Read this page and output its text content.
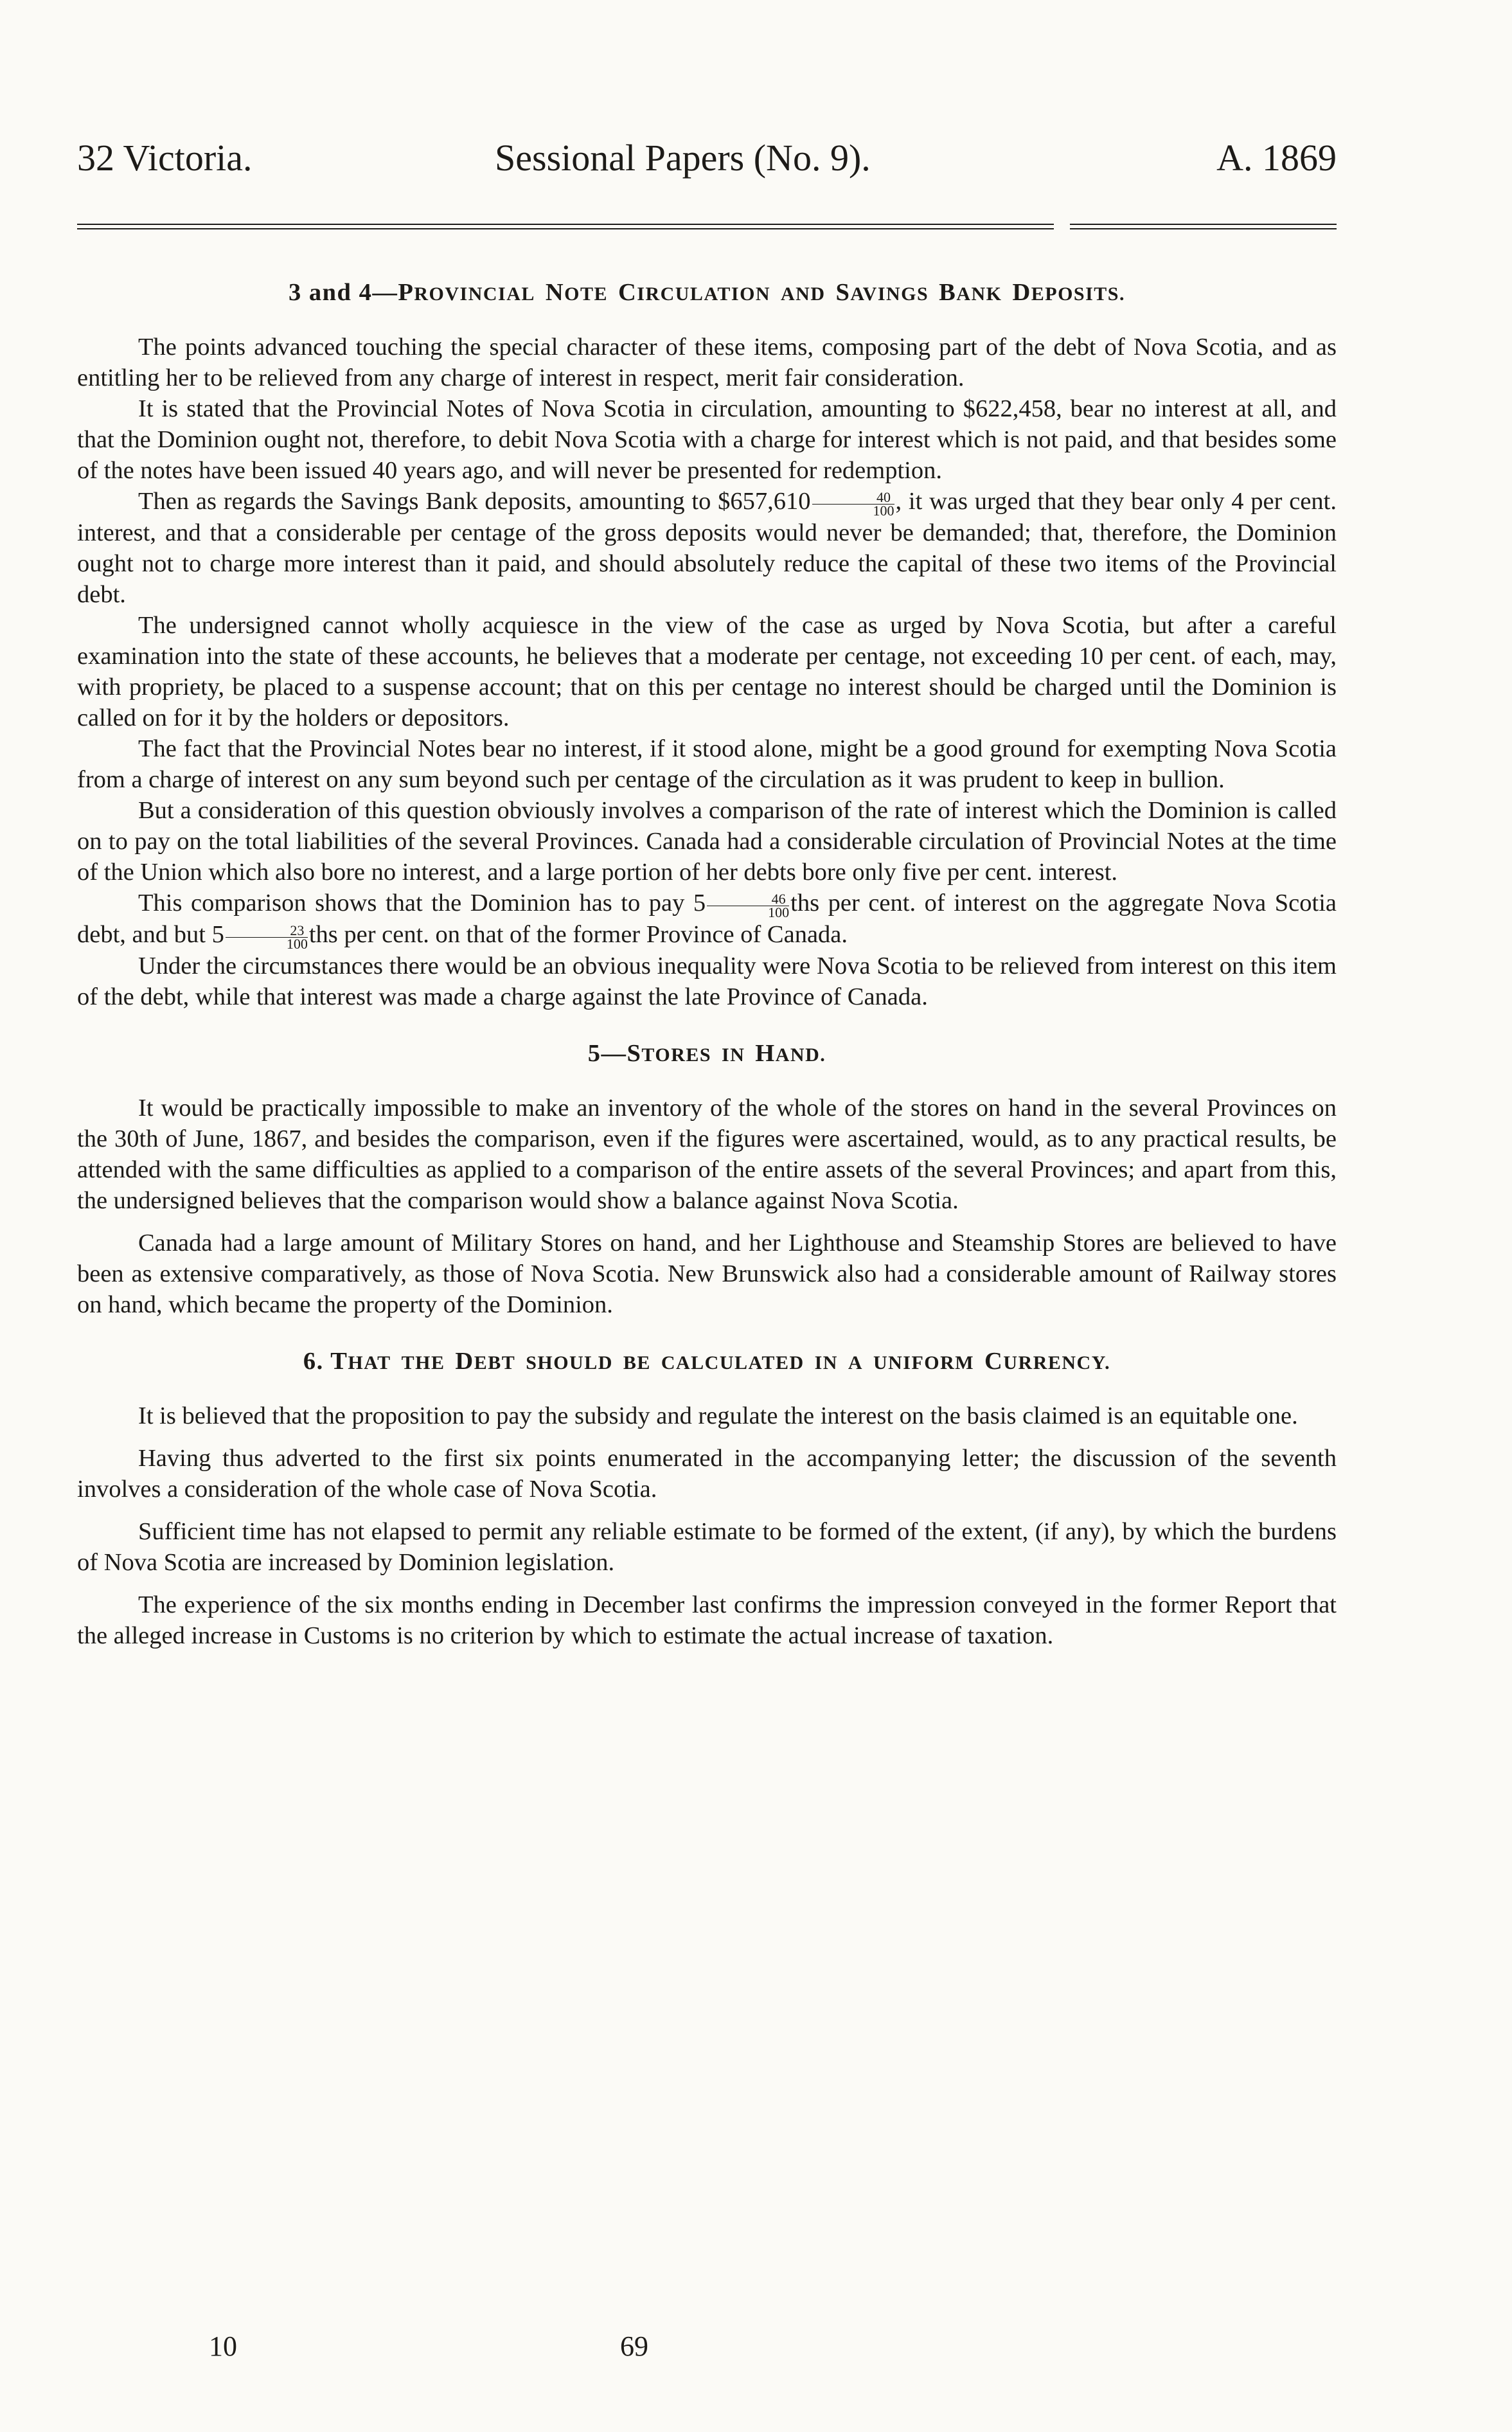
32 Victoria.	Sessional Papers (No. 9).	A. 1869
3 and 4—PROVINCIAL NOTE CIRCULATION AND SAVINGS BANK DEPOSITS.

The points advanced touching the special character of these items, composing part of the debt of Nova Scotia, and as entitling her to be relieved from any charge of interest in respect, merit fair consideration.

It is stated that the Provincial Notes of Nova Scotia in circulation, amounting to $622,458, bear no interest at all, and that the Dominion ought not, therefore, to debit Nova Scotia with a charge for interest which is not paid, and that besides some of the notes have been issued 40 years ago, and will never be presented for redemption.

Then as regards the Savings Bank deposits, amounting to $657,610 $\frac{40}{100}$ , it was urged that they bear only 4 per cent. interest, and that a considerable per centage of the gross deposits would never be demanded; that, therefore, the Dominion ought not to charge more interest than it paid, and should absolutely reduce the capital of these two items of the Provincial debt.

The undersigned cannot wholly acquiesce in the view of the case as urged by Nova Scotia, but after a careful examination into the state of these accounts, he believes that a moderate per centage, not exceeding 10 per cent. of each, may, with propriety, be placed to a suspense account; that on this per centage no interest should be charged until the Dominion is called on for it by the holders or depositors.

The fact that the Provincial Notes bear no interest, if it stood alone, might be a good ground for exempting Nova Scotia from a charge of interest on any sum beyond such per centage of the circulation as it was prudent to keep in bullion.

But a consideration of this question obviously involves a comparison of the rate of interest which the Dominion is called on to pay on the total liabilities of the several Provinces. Canada had a considerable circulation of Provincial Notes at the time of the Union which also bore no interest, and a large portion of her debts bore only five per cent. interest.

This comparison shows that the Dominion has to pay $5 \frac{46}{100}$ ths per cent. of interest on the aggregate Nova Scotia debt, and but $5 \frac{23}{100}$ ths per cent. on that of the former Province of Canada.

Under the circumstances there would be an obvious inequality were Nova Scotia to be relieved from interest on this item of the debt, while that interest was made a charge against the late Province of Canada.

5—STORES IN HAND.

It would be practically impossible to make an inventory of the whole of the stores on hand in the several Provinces on the 30th of June, 1867, and besides the comparison, even if the figures were ascertained, would, as to any practical results, be attended with the same difficulties as applied to a comparison of the entire assets of the several Provinces; and apart from this, the undersigned believes that the comparison would show a balance against Nova Scotia.

Canada had a large amount of Military Stores on hand, and her Lighthouse and Steamship Stores are believed to have been as extensive comparatively, as those of Nova Scotia. New Brunswick also had a considerable amount of Railway stores on hand, which became the property of the Dominion.

6. THAT THE DEBT SHOULD BE CALCULATED IN A UNIFORM CURRENCY.

It is believed that the proposition to pay the subsidy and regulate the interest on the basis claimed is an equitable one.

Having thus adverted to the first six points enumerated in the accompanying letter; the discussion of the seventh involves a consideration of the whole case of Nova Scotia.

Sufficient time has not elapsed to permit any reliable estimate to be formed of the extent, (if any), by which the burdens of Nova Scotia are increased by Dominion legislation.

The experience of the six months ending in December last confirms the impression conveyed in the former Report that the alleged increase in Customs is no criterion by which to estimate the actual increase of taxation.

10	69
